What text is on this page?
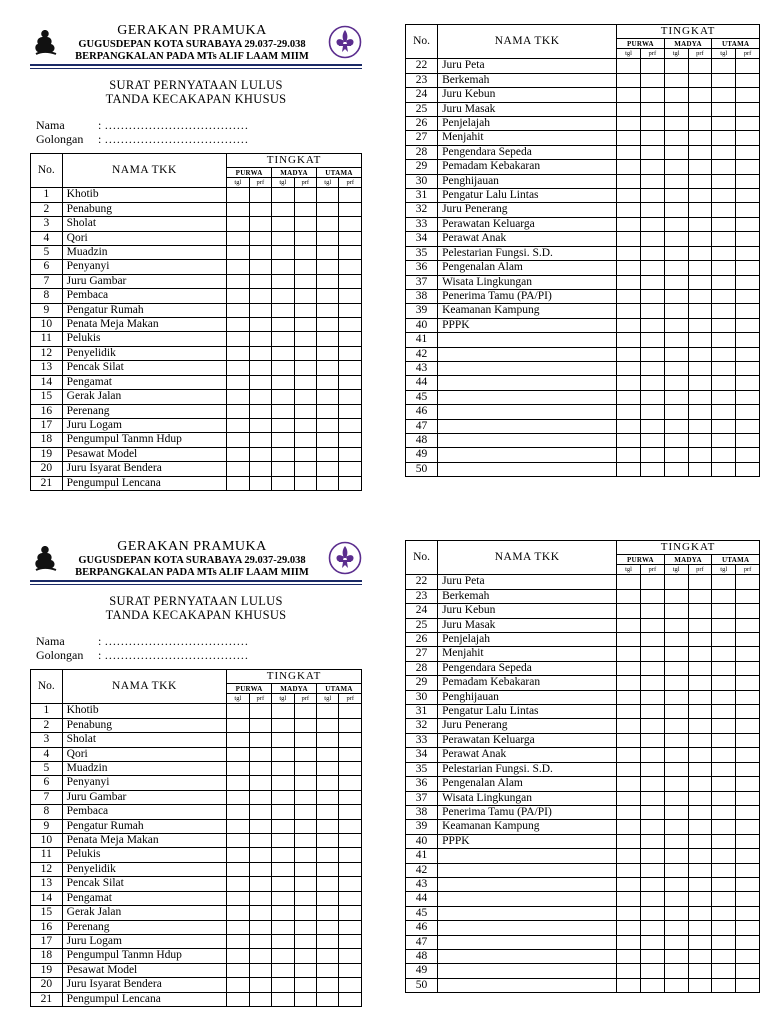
GERAKAN PRAMUKA
GUGUSDEPAN KOTA SURABAYA 29.037-29.038
BERPANGKALAN PADA MTs ALIF LAAM MIIM
SURAT PERNYATAAN LULUS
TANDA KECAKAPAN KHUSUS
Nama	: ………………………………
Golongan	: ………………………………
No.	NAMA TKK	TINGKAT					
		PURWA		MADYA		UTAMA	
		tgl	prf	tgl	prf	tgl	prf
1	Khotib						
2	Penabung						
3	Sholat						
4	Qori						
5	Muadzin						
6	Penyanyi						
7	Juru Gambar						
8	Pembaca						
9	Pengatur Rumah						
10	Penata Meja Makan						
11	Pelukis						
12	Penyelidik						
13	Pencak Silat						
14	Pengamat						
15	Gerak Jalan						
16	Perenang						
17	Juru Logam						
18	Pengumpul Tanmn Hdup						
19	Pesawat Model						
20	Juru Isyarat Bendera						
21	Pengumpul Lencana						
No.	NAMA TKK	TINGKAT					
		PURWA		MADYA		UTAMA	
		tgl	prf	tgl	prf	tgl	prf
22	Juru Peta						
23	Berkemah						
24	Juru Kebun						
25	Juru Masak						
26	Penjelajah						
27	Menjahit						
28	Pengendara Sepeda						
29	Pemadam Kebakaran						
30	Penghijauan						
31	Pengatur Lalu Lintas						
32	Juru Penerang						
33	Perawatan Keluarga						
34	Perawat Anak						
35	Pelestarian Fungsi. S.D.						
36	Pengenalan Alam						
37	Wisata Lingkungan						
38	Penerima Tamu (PA/PI)						
39	Keamanan Kampung						
40	PPPK						
41							
42							
43							
44							
45							
46							
47							
48							
49							
50							
GERAKAN PRAMUKA
GUGUSDEPAN KOTA SURABAYA 29.037-29.038
BERPANGKALAN PADA MTs ALIF LAAM MIIM
SURAT PERNYATAAN LULUS
TANDA KECAKAPAN KHUSUS
Nama	: ………………………………
Golongan	: ………………………………
No.	NAMA TKK	TINGKAT					
		PURWA		MADYA		UTAMA	
		tgl	prf	tgl	prf	tgl	prf
1	Khotib						
2	Penabung						
3	Sholat						
4	Qori						
5	Muadzin						
6	Penyanyi						
7	Juru Gambar						
8	Pembaca						
9	Pengatur Rumah						
10	Penata Meja Makan						
11	Pelukis						
12	Penyelidik						
13	Pencak Silat						
14	Pengamat						
15	Gerak Jalan						
16	Perenang						
17	Juru Logam						
18	Pengumpul Tanmn Hdup						
19	Pesawat Model						
20	Juru Isyarat Bendera						
21	Pengumpul Lencana						
No.	NAMA TKK	TINGKAT					
		PURWA		MADYA		UTAMA	
		tgl	prf	tgl	prf	tgl	prf
22	Juru Peta						
23	Berkemah						
24	Juru Kebun						
25	Juru Masak						
26	Penjelajah						
27	Menjahit						
28	Pengendara Sepeda						
29	Pemadam Kebakaran						
30	Penghijauan						
31	Pengatur Lalu Lintas						
32	Juru Penerang						
33	Perawatan Keluarga						
34	Perawat Anak						
35	Pelestarian Fungsi. S.D.						
36	Pengenalan Alam						
37	Wisata Lingkungan						
38	Penerima Tamu (PA/PI)						
39	Keamanan Kampung						
40	PPPK						
41							
42							
43							
44							
45							
46							
47							
48							
49							
50							
